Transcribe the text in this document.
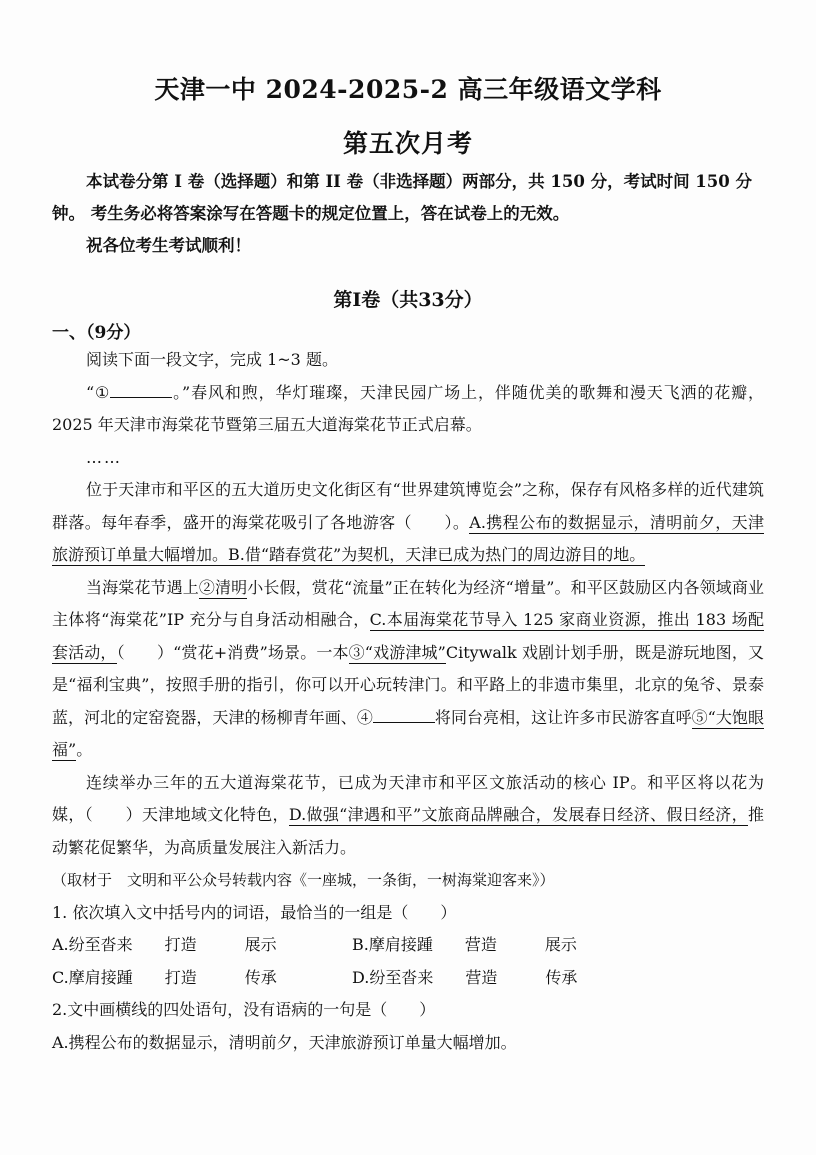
天津一中 2024-2025-2 高三年级语文学科
第五次月考

本试卷分第 I 卷（选择题）和第 II 卷（非选择题）两部分，共 150 分，考试时间 150 分钟。 考生务必将答案涂写在答题卡的规定位置上，答在试卷上的无效。

祝各位考生考试顺利！

第Ⅰ卷（共33分）
一、（9分）

阅读下面一段文字，完成 1~3 题。

“①	。”春风和煦，华灯璀璨，天津民园广场上，伴随优美的歌舞和漫天飞洒的花瓣，2025 年天津市海棠花节暨第三届五大道海棠花节正式启幕。

……

位于天津市和平区的五大道历史文化街区有“世界建筑博览会”之称，保存有风格多样的近代建筑群落。每年春季，盛开的海棠花吸引了各地游客（　　）。A.携程公布的数据显示，清明前夕，天津旅游预订单量大幅增加。B.借“踏春赏花”为契机，天津已成为热门的周边游目的地。

当海棠花节遇上②清明小长假，赏花“流量”正在转化为经济“增量”。和平区鼓励区内各领域商业主体将“海棠花”IP 充分与自身活动相融合，C.本届海棠花节导入 125 家商业资源，推出 183 场配套活动，（　　）“赏花+消费”场景。一本③“戏游津城”Citywalk 戏剧计划手册，既是游玩地图，又是“福利宝典”，按照手册的指引，你可以开心玩转津门。和平路上的非遗市集里，北京的兔爷、景泰蓝，河北的定窑瓷器，天津的杨柳青年画、④	将同台亮相，这让许多市民游客直呼⑤“大饱眼福”。

连续举办三年的五大道海棠花节，已成为天津市和平区文旅活动的核心 IP。和平区将以花为媒，（　　）天津地域文化特色，D.做强“津遇和平”文旅商品牌融合，发展春日经济、假日经济，推动繁花促繁华，为高质量发展注入新活力。

（取材于　文明和平公众号转载内容《一座城，一条街，一树海棠迎客来》）

1. 依次填入文中括号内的词语，最恰当的一组是（　　）

A.纷至沓来　　打造　　　展示	B.摩肩接踵　　营造　　　展示
C.摩肩接踵　　打造　　　传承	D.纷至沓来　　营造　　　传承

2.文中画横线的四处语句，没有语病的一句是（　　）

A.携程公布的数据显示，清明前夕，天津旅游预订单量大幅增加。
